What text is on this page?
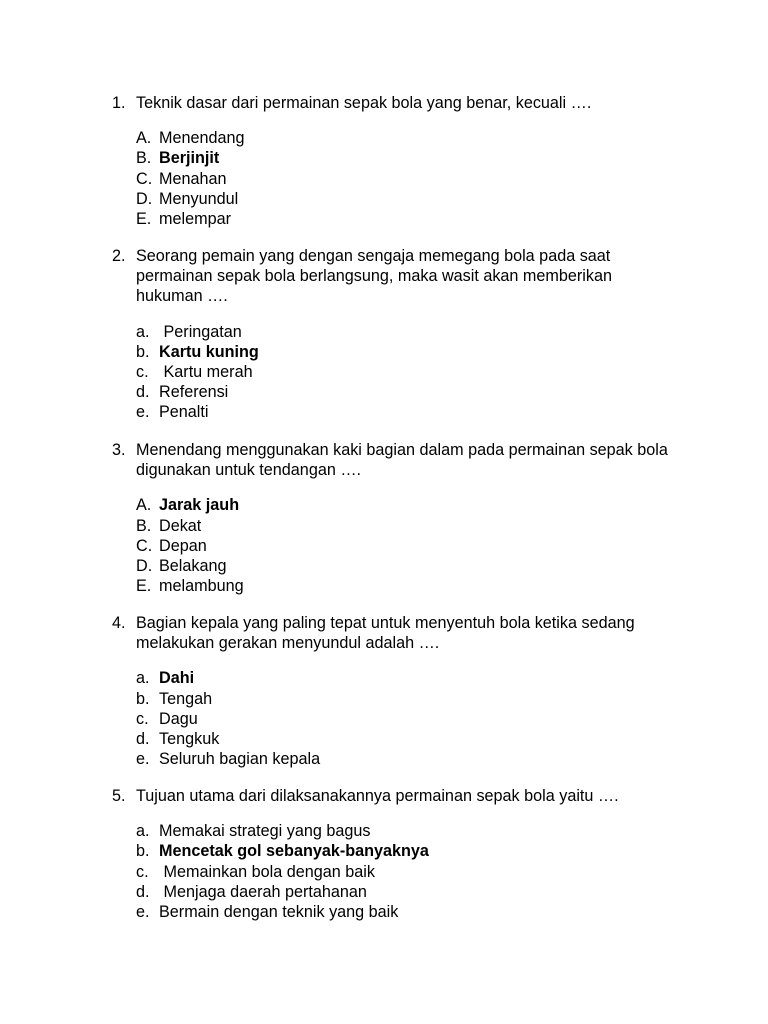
1. Teknik dasar dari permainan sepak bola yang benar, kecuali ….
A. Menendang
B. Berjinjit
C. Menahan
D. Menyundul
E. melempar
2. Seorang pemain yang dengan sengaja memegang bola pada saat permainan sepak bola berlangsung, maka wasit akan memberikan hukuman ….
a. Peringatan
b. Kartu kuning
c. Kartu merah
d. Referensi
e. Penalti
3. Menendang menggunakan kaki bagian dalam pada permainan sepak bola digunakan untuk tendangan ….
A. Jarak jauh
B. Dekat
C. Depan
D. Belakang
E. melambung
4. Bagian kepala yang paling tepat untuk menyentuh bola ketika sedang melakukan gerakan menyundul adalah ….
a. Dahi
b. Tengah
c. Dagu
d. Tengkuk
e. Seluruh bagian kepala
5. Tujuan utama dari dilaksanakannya permainan sepak bola yaitu ….
a. Memakai strategi yang bagus
b. Mencetak gol sebanyak-banyaknya
c. Memainkan bola dengan baik
d. Menjaga daerah pertahanan
e. Bermain dengan teknik yang baik
